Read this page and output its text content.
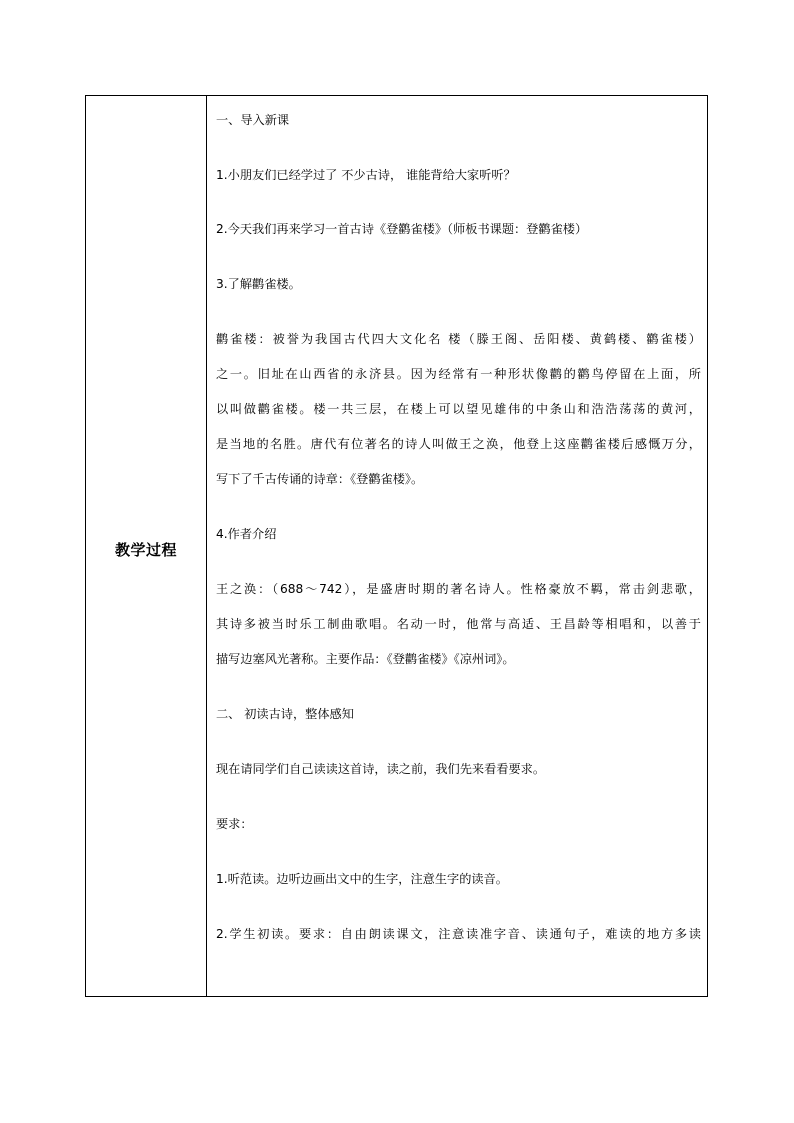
教学过程
一、导入新课
1.小朋友们已经学过了 不少古诗， 谁能背给大家听听？
2.今天我们再来学习一首古诗《登鹳雀楼》（师板书课题：登鹳雀楼）
3.了解鹳雀楼。
鹳雀楼：被誉为我国古代四大文化名 楼（滕王阁、岳阳楼、黄鹤楼、鹳雀楼）
之一。旧址在山西省的永济县。因为经常有一种形状像鹳的鹳鸟停留在上面，所
以叫做鹳雀楼。楼一共三层，在楼上可以望见雄伟的中条山和浩浩荡荡的黄河，
是当地的名胜。唐代有位著名的诗人叫做王之涣，他登上这座鹳雀楼后感慨万分，
写下了千古传诵的诗章：《登鹳雀楼》。
4.作者介绍
王之涣：（688～742），是盛唐时期的著名诗人。性格豪放不羁，常击剑悲歌，
其诗多被当时乐工制曲歌唱。名动一时，他常与高适、王昌龄等相唱和，以善于
描写边塞风光著称。主要作品：《登鹳雀楼》《凉州词》。
二、 初读古诗，整体感知
现在请同学们自己读读这首诗，读之前，我们先来看看要求。
要求：
1.听范读。边听边画出文中的生字，注意生字的读音。
2.学生初读。要求：自由朗读课文，注意读准字音、读通句子，难读的地方多读
